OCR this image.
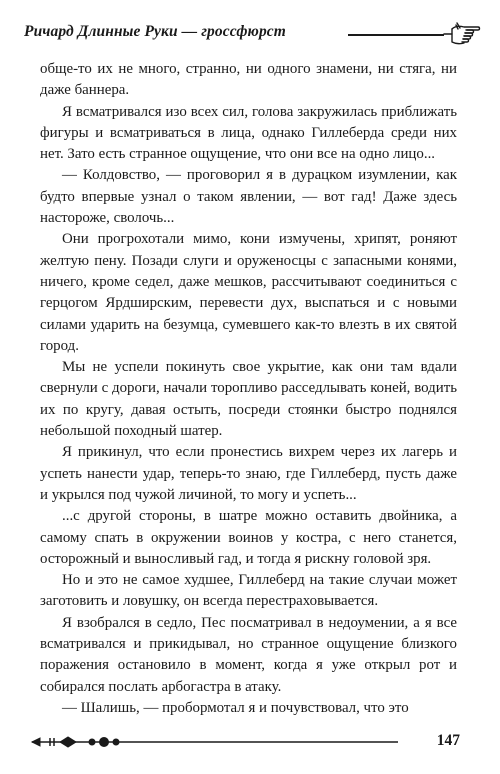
Ричард Длинные Руки — гроссфюрст

обще-то их не много, странно, ни одного знамени, ни стяга, ни даже баннера.

Я всматривался изо всех сил, голова закружилась приближать фигуры и всматриваться в лица, однако Гиллеберда среди них нет. Зато есть странное ощущение, что они все на одно лицо...

— Колдовство, — проговорил я в дурацком изумлении, как будто впервые узнал о таком явлении, — вот гад! Даже здесь настороже, сволочь...

Они прогрохотали мимо, кони измучены, хрипят, роняют желтую пену. Позади слуги и оруженосцы с запасными конями, ничего, кроме седел, даже мешков, рассчитывают соединиться с герцогом Ярдширским, перевести дух, выспаться и с новыми силами ударить на безумца, сумевшего как-то влезть в их святой город.

Мы не успели покинуть свое укрытие, как они там вдали свернули с дороги, начали торопливо расседлывать коней, водить их по кругу, давая остыть, посреди стоянки быстро поднялся небольшой походный шатер.

Я прикинул, что если пронестись вихрем через их лагерь и успеть нанести удар, теперь-то знаю, где Гиллеберд, пусть даже и укрылся под чужой личиной, то могу и успеть...

...с другой стороны, в шатре можно оставить двойника, а самому спать в окружении воинов у костра, с него станется, осторожный и выносливый гад, и тогда я рискну головой зря.

Но и это не самое худшее, Гиллеберд на такие случаи может заготовить и ловушку, он всегда перестраховывается.

Я взобрался в седло, Пес посматривал в недоумении, а я все всматривался и прикидывал, но странное ощущение близкого поражения остановило в момент, когда я уже открыл рот и собирался послать арбогастра в атаку.

— Шалишь, — пробормотал я и почувствовал, что это

147
